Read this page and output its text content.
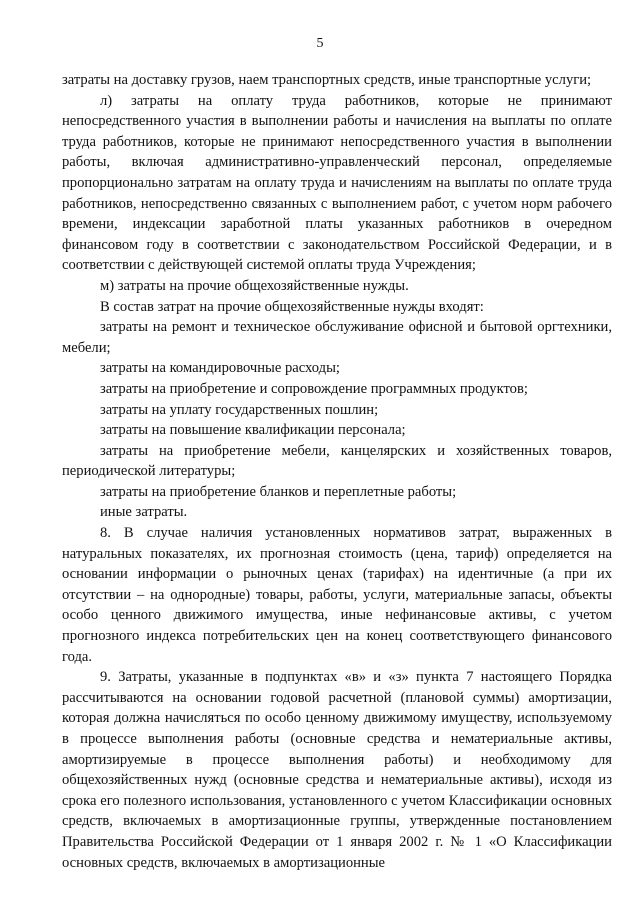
5

затраты на доставку грузов, наем транспортных средств, иные транспортные услуги;

л) затраты на оплату труда работников, которые не принимают непосредственного участия в выполнении работы и начисления на выплаты по оплате труда работников, которые не принимают непосредственного участия в выполнении работы, включая административно-управленческий персонал, определяемые пропорционально затратам на оплату труда и начислениям на выплаты по оплате труда работников, непосредственно связанных с выполнением работ, с учетом норм рабочего времени, индексации заработной платы указанных работников в очередном финансовом году в соответствии с законодательством Российской Федерации, и в соответствии с действующей системой оплаты труда Учреждения;

м) затраты на прочие общехозяйственные нужды.

В состав затрат на прочие общехозяйственные нужды входят:

затраты на ремонт и техническое обслуживание офисной и бытовой оргтехники, мебели;

затраты на командировочные расходы;

затраты на приобретение и сопровождение программных продуктов;

затраты на уплату государственных пошлин;

затраты на повышение квалификации персонала;

затраты на приобретение мебели, канцелярских и хозяйственных товаров, периодической литературы;

затраты на приобретение бланков и переплетные работы;

иные затраты.

8. В случае наличия установленных нормативов затрат, выраженных в натуральных показателях, их прогнозная стоимость (цена, тариф) определяется на основании информации о рыночных ценах (тарифах) на идентичные (а при их отсутствии – на однородные) товары, работы, услуги, материальные запасы, объекты особо ценного движимого имущества, иные нефинансовые активы, с учетом прогнозного индекса потребительских цен на конец соответствующего финансового года.

9. Затраты, указанные в подпунктах «в» и «з» пункта 7 настоящего Порядка рассчитываются на основании годовой расчетной (плановой суммы) амортизации, которая должна начисляться по особо ценному движимому имуществу, используемому в процессе выполнения работы (основные средства и нематериальные активы, амортизируемые в процессе выполнения работы) и необходимому для общехозяйственных нужд (основные средства и нематериальные активы), исходя из срока его полезного использования, установленного с учетом Классификации основных средств, включаемых в амортизационные группы, утвержденные постановлением Правительства Российской Федерации от 1 января 2002 г. № 1 «О Классификации основных средств, включаемых в амортизационные
